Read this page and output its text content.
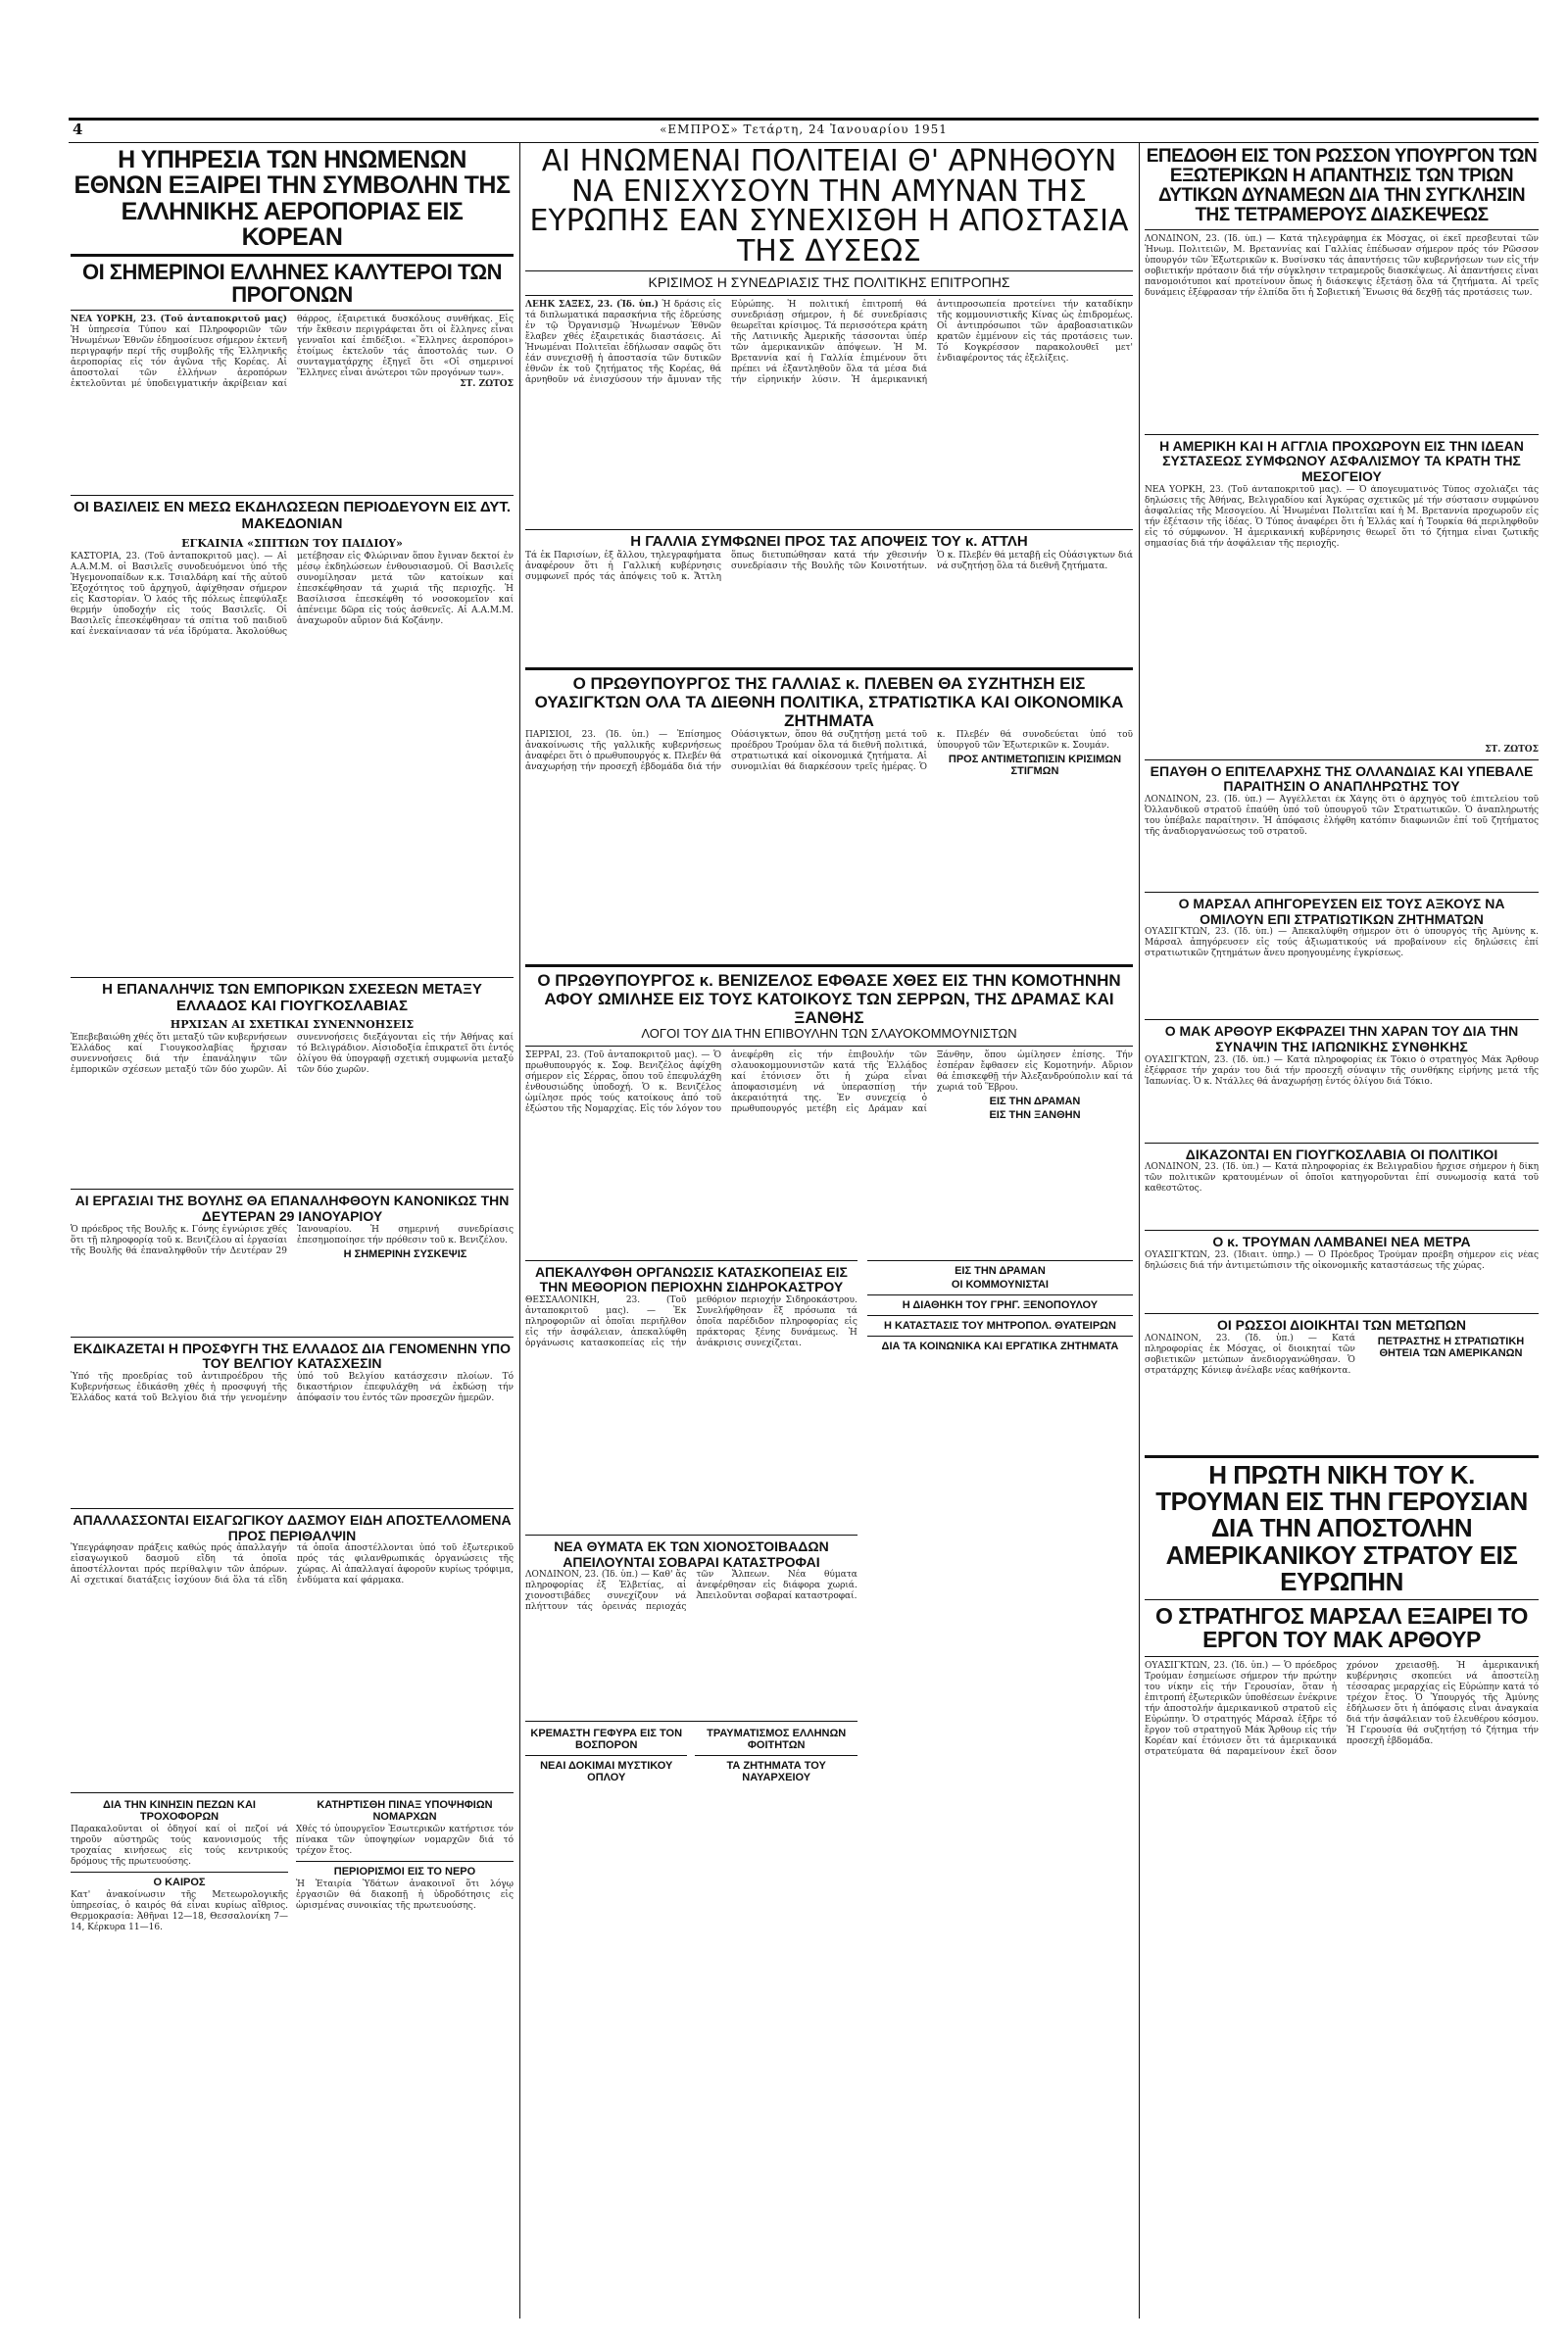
4	«ΕΜΠΡΟΣ» Τετάρτη, 24 Ἰανουαρίου 1951
Η ΥΠΗΡΕΣΙΑ ΤΩΝ ΗΝΩΜΕΝΩΝ ΕΘΝΩΝ ΕΞΑΙΡΕΙ ΤΗΝ ΣΥΜΒΟΛΗΝ ΤΗΣ ΕΛΛΗΝΙΚΗΣ ΑΕΡΟΠΟΡΙΑΣ ΕΙΣ ΚΟΡΕΑΝ
ΟΙ ΣΗΜΕΡΙΝΟΙ ΕΛΛΗΝΕΣ ΚΑΛΥΤΕΡΟΙ ΤΩΝ ΠΡΟΓΟΝΩΝ

ΝΕΑ ΥΟΡΚΗ, 23. (Τοῦ ἀνταποκριτοῦ μας) Ἡ ὑπηρεσία Τύπου καί Πληροφοριῶν τῶν Ἡνωμένων Ἐθνῶν ἐδημοσίευσε σήμερον ἐκτενῆ περιγραφήν περί τῆς συμβολῆς τῆς Ἑλληνικῆς ἀεροπορίας εἰς τόν ἀγῶνα τῆς Κορέας. Αἱ ἀποστολαί τῶν ἑλλήνων ἀεροπόρων ἐκτελοῦνται μέ ὑποδειγματικήν ἀκρίβειαν καί θάρρος, ἐξαιρετικά δυσκόλους συνθήκας. Εἰς τήν ἔκθεσιν περιγράφεται ὅτι οἱ ἕλληνες εἶναι γενναῖοι καί ἐπιδέξιοι. «Ἕλληνες ἀεροπόροι» ἐτοίμως ἐκτελοῦν τάς ἀποστολάς των. Ο συνταγματάρχης ἐξηγεῖ ὅτι «Οἱ σημερινοί Ἕλληνες εἶναι ἀνώτεροι τῶν προγόνων των».

ΣΤ. ΖΩΤΟΣ

ΟΙ ΒΑΣΙΛΕΙΣ ΕΝ ΜΕΣΩ ΕΚΔΗΛΩΣΕΩΝ ΠΕΡΙΟΔΕΥΟΥΝ ΕΙΣ ΔΥΤ. ΜΑΚΕΔΟΝΙΑΝ

ΕΓΚΑΙΝΙΑ «ΣΠΙΤΙΩΝ ΤΟΥ ΠΑΙΔΙΟΥ»

ΚΑΣΤΟΡΙΑ, 23. (Τοῦ ἀνταποκριτοῦ μας). — Αἱ Α.Α.Μ.Μ. οἱ Βασιλεῖς συνοδευόμενοι ὑπό τῆς Ἡγεμονοπαίδων κ.κ. Τσιαλδάρη καί τῆς αὐτοῦ Ἐξοχότητος τοῦ ἀρχηγοῦ, ἀφίχθησαν σήμερον εἰς Καστορίαν. Ὁ λαός τῆς πόλεως ἐπεφύλαξε θερμήν ὑποδοχήν εἰς τούς Βασιλεῖς. Οἱ Βασιλεῖς ἐπεσκέφθησαν τά σπίτια τοῦ παιδιοῦ καί ἐνεκαίνιασαν τά νέα ἱδρύματα. Ἀκολούθως μετέβησαν εἰς Φλώριναν ὅπου ἔγιναν δεκτοί ἐν μέσῳ ἐκδηλώσεων ἐνθουσιασμοῦ. Οἱ Βασιλεῖς συνομίλησαν μετά τῶν κατοίκων καί ἐπεσκέφθησαν τά χωριά τῆς περιοχῆς. Ἡ Βασίλισσα ἐπεσκέφθη τό νοσοκομεῖον καί ἀπένειμε δῶρα εἰς τούς ἀσθενεῖς. Αἱ Α.Α.Μ.Μ. ἀναχωροῦν αὔριον διά Κοζάνην.

Η ΕΠΑΝΑΛΗΨΙΣ ΤΩΝ ΕΜΠΟΡΙΚΩΝ ΣΧΕΣΕΩΝ ΜΕΤΑΞΥ ΕΛΛΑΔΟΣ ΚΑΙ ΓΙΟΥΓΚΟΣΛΑΒΙΑΣ

ΗΡΧΙΣΑΝ ΑΙ ΣΧΕΤΙΚΑΙ ΣΥΝΕΝΝΟΗΣΕΙΣ

Ἐπεβεβαιώθη χθές ὅτι μεταξύ τῶν κυβερνήσεων Ἑλλάδος καί Γιουγκοσλαβίας ἤρχισαν συνεννοήσεις διά τήν ἐπανάληψιν τῶν ἐμπορικῶν σχέσεων μεταξύ τῶν δύο χωρῶν. Αἱ συνεννοήσεις διεξάγονται εἰς τήν Ἀθήνας καί τό Βελιγράδιον. Αἰσιοδοξία ἐπικρατεῖ ὅτι ἐντός ὀλίγου θά ὑπογραφῇ σχετική συμφωνία μεταξύ τῶν δύο χωρῶν.

ΑΙ ΕΡΓΑΣΙΑΙ ΤΗΣ ΒΟΥΛΗΣ ΘΑ ΕΠΑΝΑΛΗΦΘΟΥΝ ΚΑΝΟΝΙΚΩΣ ΤΗΝ ΔΕΥΤΕΡΑΝ 29 ΙΑΝΟΥΑΡΙΟΥ

Ὁ πρόεδρος τῆς Βουλῆς κ. Γόνης ἐγνώρισε χθές ὅτι τῇ πληροφορίᾳ τοῦ κ. Βενιζέλου αἱ ἐργασίαι τῆς Βουλῆς θά ἐπαναληφθοῦν τήν Δευτέραν 29 Ἰανουαρίου. Ἡ σημερινή συνεδρίασις ἐπεσημοποίησε τήν πρόθεσιν τοῦ κ. Βενιζέλου.

Η ΣΗΜΕΡΙΝΗ ΣΥΣΚΕΨΙΣ

ΕΚΔΙΚΑΖΕΤΑΙ Η ΠΡΟΣΦΥΓΗ ΤΗΣ ΕΛΛΑΔΟΣ ΔΙΑ ΓΕΝΟΜΕΝΗΝ ΥΠΟ ΤΟΥ ΒΕΛΓΙΟΥ ΚΑΤΑΣΧΕΣΙΝ

Ὑπό τῆς προεδρίας τοῦ ἀντιπροέδρου τῆς Κυβερνήσεως ἐδικάσθη χθές ἡ προσφυγή τῆς Ἑλλάδος κατά τοῦ Βελγίου διά τήν γενομένην ὑπό τοῦ Βελγίου κατάσχεσιν πλοίων. Τό δικαστήριον ἐπεφυλάχθη νά ἐκδώσῃ τήν ἀπόφασίν του ἐντός τῶν προσεχῶν ἡμερῶν.

ΑΠΑΛΛΑΣΣΟΝΤΑΙ ΕΙΣΑΓΩΓΙΚΟΥ ΔΑΣΜΟΥ ΕΙΔΗ ΑΠΟΣΤΕΛΛΟΜΕΝΑ ΠΡΟΣ ΠΕΡΙΘΑΛΨΙΝ

Ὑπεγράφησαν πράξεις καθώς πρός ἀπαλλαγήν εἰσαγωγικοῦ δασμοῦ εἴδη τά ὁποῖα ἀποστέλλονται πρός περίθαλψιν τῶν ἀπόρων. Αἱ σχετικαί διατάξεις ἰσχύουν διά ὅλα τά εἴδη τά ὁποῖα ἀποστέλλονται ὑπό τοῦ ἐξωτερικοῦ πρός τάς φιλανθρωπικάς ὀργανώσεις τῆς χώρας. Αἱ ἀπαλλαγαί ἀφοροῦν κυρίως τρόφιμα, ἐνδύματα καί φάρμακα.

ΔΙΑ ΤΗΝ ΚΙΝΗΣΙΝ ΠΕΖΩΝ ΚΑΙ ΤΡΟΧΟΦΟΡΩΝ

Παρακαλοῦνται οἱ ὁδηγοί καί οἱ πεζοί νά τηροῦν αὐστηρῶς τούς κανονισμούς τῆς τροχαίας κινήσεως εἰς τούς κεντρικούς δρόμους τῆς πρωτευούσης.

Ο ΚΑΙΡΟΣ

Κατ' ἀνακοίνωσιν τῆς Μετεωρολογικῆς ὑπηρεσίας, ὁ καιρός θά εἶναι κυρίως αἴθριος. Θερμοκρασία: Ἀθῆναι 12—18, Θεσσαλονίκη 7—14, Κέρκυρα 11—16.

ΚΑΤΗΡΤΙΣΘΗ ΠΙΝΑΞ ΥΠΟΨΗΦΙΩΝ ΝΟΜΑΡΧΩΝ

Χθές τό ὑπουργεῖον Ἐσωτερικῶν κατήρτισε τόν πίνακα τῶν ὑποψηφίων νομαρχῶν διά τό τρέχον ἔτος.

ΠΕΡΙΟΡΙΣΜΟΙ ΕΙΣ ΤΟ ΝΕΡΟ

Ἡ Ἑταιρία Ὑδάτων ἀνακοινοῖ ὅτι λόγῳ ἐργασιῶν θά διακοπῇ ἡ ὑδροδότησις εἰς ὡρισμένας συνοικίας τῆς πρωτευούσης.

ΑΙ ΗΝΩΜΕΝΑΙ ΠΟΛΙΤΕΙΑΙ Θ' ΑΡΝΗΘΟΥΝ ΝΑ ΕΝΙΣΧΥΣΟΥΝ ΤΗΝ ΑΜΥΝΑΝ ΤΗΣ ΕΥΡΩΠΗΣ ΕΑΝ ΣΥΝΕΧΙΣΘΗ Η ΑΠΟΣΤΑΣΙΑ ΤΗΣ ΔΥΣΕΩΣ

ΚΡΙΣΙΜΟΣ Η ΣΥΝΕΔΡΙΑΣΙΣ ΤΗΣ ΠΟΛΙΤΙΚΗΣ ΕΠΙΤΡΟΠΗΣ

ΛΕΗΚ ΣΑΞΕΣ, 23. (Ἰδ. ὑπ.) Ἡ δράσις εἰς τά διπλωματικά παρασκήνια τῆς ἑδρεύσης ἐν τῷ Ὀργανισμῷ Ἡνωμένων Ἐθνῶν ἔλαβεν χθές ἐξαιρετικάς διαστάσεις. Αἱ Ἡνωμέναι Πολιτεῖαι ἐδήλωσαν σαφῶς ὅτι ἐάν συνεχισθῇ ἡ ἀποστασία τῶν δυτικῶν ἐθνῶν ἐκ τοῦ ζητήματος τῆς Κορέας, θά ἀρνηθοῦν νά ἐνισχύσουν τήν ἄμυναν τῆς Εὐρώπης. Ἡ πολιτική ἐπιτροπή θά συνεδριάσῃ σήμερον, ἡ δέ συνεδρίασις θεωρεῖται κρίσιμος. Τά περισσότερα κράτη τῆς Λατινικῆς Ἀμερικῆς τάσσονται ὑπέρ τῶν ἀμερικανικῶν ἀπόψεων. Ἡ Μ. Βρεταννία καί ἡ Γαλλία ἐπιμένουν ὅτι πρέπει νά ἐξαντληθοῦν ὅλα τά μέσα διά τήν εἰρηνικήν λύσιν. Ἡ ἀμερικανική ἀντιπροσωπεία προτείνει τήν καταδίκην τῆς κομμουνιστικῆς Κίνας ὡς ἐπιδρομέως. Οἱ ἀντιπρόσωποι τῶν ἀραβοασιατικῶν κρατῶν ἐμμένουν εἰς τάς προτάσεις των. Τό Κογκρέσσον παρακολουθεῖ μετ' ἐνδιαφέροντος τάς ἐξελίξεις.

Η ΓΑΛΛΙΑ ΣΥΜΦΩΝΕΙ ΠΡΟΣ ΤΑΣ ΑΠΟΨΕΙΣ ΤΟΥ κ. ΑΤΤΛΗ

Τά ἐκ Παρισίων, ἐξ ἄλλου, τηλεγραφήματα ἀναφέρουν ὅτι ἡ Γαλλική κυβέρνησις συμφωνεῖ πρός τάς ἀπόψεις τοῦ κ. Ἄττλη ὅπως διετυπώθησαν κατά τήν χθεσινήν συνεδρίασιν τῆς Βουλῆς τῶν Κοινοτήτων. Ὁ κ. Πλεβέν θά μεταβῇ εἰς Οὐάσιγκτων διά νά συζητήσῃ ὅλα τά διεθνῆ ζητήματα.

Ο ΠΡΩΘΥΠΟΥΡΓΟΣ ΤΗΣ ΓΑΛΛΙΑΣ κ. ΠΛΕΒΕΝ ΘΑ ΣΥΖΗΤΗΣΗ ΕΙΣ ΟΥΑΣΙΓΚΤΩΝ ΟΛΑ ΤΑ ΔΙΕΘΝΗ ΠΟΛΙΤΙΚΑ, ΣΤΡΑΤΙΩΤΙΚΑ ΚΑΙ ΟΙΚΟΝΟΜΙΚΑ ΖΗΤΗΜΑΤΑ

ΠΑΡΙΣΙΟΙ, 23. (Ἰδ. ὑπ.) — Ἐπίσημος ἀνακοίνωσις τῆς γαλλικῆς κυβερνήσεως ἀναφέρει ὅτι ὁ πρωθυπουργός κ. Πλεβέν θά ἀναχωρήσῃ τήν προσεχῆ ἑβδομάδα διά τήν Οὐάσιγκτων, ὅπου θά συζητήσῃ μετά τοῦ προέδρου Τρούμαν ὅλα τά διεθνῆ πολιτικά, στρατιωτικά καί οἰκονομικά ζητήματα. Αἱ συνομιλίαι θά διαρκέσουν τρεῖς ἡμέρας. Ὁ κ. Πλεβέν θά συνοδεύεται ὑπό τοῦ ὑπουργοῦ τῶν Ἐξωτερικῶν κ. Σουμάν.

ΠΡΟΣ ΑΝΤΙΜΕΤΩΠΙΣΙΝ ΚΡΙΣΙΜΩΝ ΣΤΙΓΜΩΝ

Ο ΠΡΩΘΥΠΟΥΡΓΟΣ κ. ΒΕΝΙΖΕΛΟΣ ΕΦΘΑΣΕ ΧΘΕΣ ΕΙΣ ΤΗΝ ΚΟΜΟΤΗΝΗΝ ΑΦΟΥ ΩΜΙΛΗΣΕ ΕΙΣ ΤΟΥΣ ΚΑΤΟΙΚΟΥΣ ΤΩΝ ΣΕΡΡΩΝ, ΤΗΣ ΔΡΑΜΑΣ ΚΑΙ ΞΑΝΘΗΣ

ΛΟΓΟΙ ΤΟΥ ΔΙΑ ΤΗΝ ΕΠΙΒΟΥΛΗΝ ΤΩΝ ΣΛΑΥΟΚΟΜΜΟΥΝΙΣΤΩΝ

ΣΕΡΡΑΙ, 23. (Τοῦ ἀνταποκριτοῦ μας). — Ὁ πρωθυπουργός κ. Σοφ. Βενιζέλος ἀφίχθη σήμερον εἰς Σέρρας, ὅπου τοῦ ἐπεφυλάχθη ἐνθουσιώδης ὑποδοχή. Ὁ κ. Βενιζέλος ὡμίλησε πρός τούς κατοίκους ἀπό τοῦ ἐξώστου τῆς Νομαρχίας. Εἰς τόν λόγον του ἀνεφέρθη εἰς τήν ἐπιβουλήν τῶν σλαυοκομμουνιστῶν κατά τῆς Ἑλλάδος καί ἐτόνισεν ὅτι ἡ χώρα εἶναι ἀποφασισμένη νά ὑπερασπίσῃ τήν ἀκεραιότητά της. Ἐν συνεχείᾳ ὁ πρωθυπουργός μετέβη εἰς Δράμαν καί Ξάνθην, ὅπου ὡμίλησεν ἐπίσης. Τήν ἑσπέραν ἔφθασεν εἰς Κομοτηνήν. Αὔριον θά ἐπισκεφθῇ τήν Ἀλεξανδρούπολιν καί τά χωριά τοῦ Ἕβρου.

ΕΙΣ ΤΗΝ ΔΡΑΜΑΝ

ΕΙΣ ΤΗΝ ΞΑΝΘΗΝ

ΑΠΕΚΑΛΥΦΘΗ ΟΡΓΑΝΩΣΙΣ ΚΑΤΑΣΚΟΠΕΙΑΣ ΕΙΣ ΤΗΝ ΜΕΘΟΡΙΟΝ ΠΕΡΙΟΧΗΝ ΣΙΔΗΡΟΚΑΣΤΡΟΥ

ΘΕΣΣΑΛΟΝΙΚΗ, 23. (Τοῦ ἀνταποκριτοῦ μας). — Ἐκ πληροφοριῶν αἱ ὁποῖαι περιῆλθον εἰς τήν ἀσφάλειαν, ἀπεκαλύφθη ὀργάνωσις κατασκοπείας εἰς τήν μεθόριον περιοχήν Σιδηροκάστρου. Συνελήφθησαν ἕξ πρόσωπα τά ὁποῖα παρέδιδον πληροφορίας εἰς πράκτορας ξένης δυνάμεως. Ἡ ἀνάκρισις συνεχίζεται.

ΝΕΑ ΘΥΜΑΤΑ ΕΚ ΤΩΝ ΧΙΟΝΟΣΤΟΙΒΑΔΩΝ ΑΠΕΙΛΟΥΝΤΑΙ ΣΟΒΑΡΑΙ ΚΑΤΑΣΤΡΟΦΑΙ

ΛΟΝΔΙΝΟΝ, 23. (Ἰδ. ὑπ.) — Καθ' ἅς πληροφορίας ἐξ Ἑλβετίας, αἱ χιονοστιβάδες συνεχίζουν νά πλήττουν τάς ὀρεινάς περιοχάς τῶν Ἄλπεων. Νέα θύματα ἀνεφέρθησαν εἰς διάφορα χωριά. Ἀπειλοῦνται σοβαραί καταστροφαί.

ΚΡΕΜΑΣΤΗ ΓΕΦΥΡΑ ΕΙΣ ΤΟΝ ΒΟΣΠΟΡΟΝ

ΝΕΑΙ ΔΟΚΙΜΑΙ ΜΥΣΤΙΚΟΥ ΟΠΛΟΥ

ΤΡΑΥΜΑΤΙΣΜΟΣ ΕΛΛΗΝΩΝ ΦΟΙΤΗΤΩΝ

ΤΑ ΖΗΤΗΜΑΤΑ ΤΟΥ ΝΑΥΑΡΧΕΙΟΥ

ΕΙΣ ΤΗΝ ΔΡΑΜΑΝ

ΟΙ ΚΟΜΜΟΥΝΙΣΤΑΙ

Η ΔΙΑΘΗΚΗ ΤΟΥ ΓΡΗΓ. ΞΕΝΟΠΟΥΛΟΥ

Η ΚΑΤΑΣΤΑΣΙΣ ΤΟΥ ΜΗΤΡΟΠΟΛ. ΘΥΑΤΕΙΡΩΝ

ΔΙΑ ΤΑ ΚΟΙΝΩΝΙΚΑ ΚΑΙ ΕΡΓΑΤΙΚΑ ΖΗΤΗΜΑΤΑ

ΕΠΕΔΟΘΗ ΕΙΣ ΤΟΝ ΡΩΣΣΟΝ ΥΠΟΥΡΓΟΝ ΤΩΝ ΕΞΩΤΕΡΙΚΩΝ Η ΑΠΑΝΤΗΣΙΣ ΤΩΝ ΤΡΙΩΝ ΔΥΤΙΚΩΝ ΔΥΝΑΜΕΩΝ ΔΙΑ ΤΗΝ ΣΥΓΚΛΗΣΙΝ ΤΗΣ ΤΕΤΡΑΜΕΡΟΥΣ ΔΙΑΣΚΕΨΕΩΣ

ΛΟΝΔΙΝΟΝ, 23. (Ἰδ. ὑπ.) — Κατά τηλεγράφημα ἐκ Μόσχας, οἱ ἐκεῖ πρεσβευταί τῶν Ἡνωμ. Πολιτειῶν, Μ. Βρεταννίας καί Γαλλίας ἐπέδωσαν σήμερον πρός τόν Ρῶσσον ὑπουργόν τῶν Ἐξωτερικῶν κ. Βυσίνσκυ τάς ἀπαντήσεις τῶν κυβερνήσεων των εἰς τήν σοβιετικήν πρότασιν διά τήν σύγκλησιν τετραμεροῦς διασκέψεως. Αἱ ἀπαντήσεις εἶναι πανομοιότυποι καί προτείνουν ὅπως ἡ διάσκεψις ἐξετάσῃ ὅλα τά ζητήματα. Αἱ τρεῖς δυνάμεις ἐξέφρασαν τήν ἐλπίδα ὅτι ἡ Σοβιετική Ἕνωσις θά δεχθῇ τάς προτάσεις των.

Η ΑΜΕΡΙΚΗ ΚΑΙ Η ΑΓΓΛΙΑ ΠΡΟΧΩΡΟΥΝ ΕΙΣ ΤΗΝ ΙΔΕΑΝ ΣΥΣΤΑΣΕΩΣ ΣΥΜΦΩΝΟΥ ΑΣΦΑΛΙΣΜΟΥ ΤΑ ΚΡΑΤΗ ΤΗΣ ΜΕΣΟΓΕΙΟΥ

ΝΕΑ ΥΟΡΚΗ, 23. (Τοῦ ἀνταποκριτοῦ μας). — Ὁ ἀπογευματινός Τύπος σχολιάζει τάς δηλώσεις τῆς Ἀθήνας, Βελιγραδίου καί Ἀγκύρας σχετικῶς μέ τήν σύστασιν συμφώνου ἀσφαλείας τῆς Μεσογείου. Αἱ Ἡνωμέναι Πολιτεῖαι καί ἡ Μ. Βρεταννία προχωροῦν εἰς τήν ἐξέτασιν τῆς ἰδέας. Ὁ Τύπος ἀναφέρει ὅτι ἡ Ἑλλάς καί ἡ Τουρκία θά περιληφθοῦν εἰς τό σύμφωνον. Ἡ ἀμερικανική κυβέρνησις θεωρεῖ ὅτι τό ζήτημα εἶναι ζωτικῆς σημασίας διά τήν ἀσφάλειαν τῆς περιοχῆς.

ΣΤ. ΖΩΤΟΣ

ΕΠΑΥΘΗ Ο ΕΠΙΤΕΛΑΡΧΗΣ ΤΗΣ ΟΛΛΑΝΔΙΑΣ ΚΑΙ ΥΠΕΒΑΛΕ ΠΑΡΑΙΤΗΣΙΝ Ο ΑΝΑΠΛΗΡΩΤΗΣ ΤΟΥ

ΛΟΝΔΙΝΟΝ, 23. (Ἰδ. ὑπ.) — Ἀγγέλλεται ἐκ Χάγης ὅτι ὁ ἀρχηγός τοῦ ἐπιτελείου τοῦ Ὀλλανδικοῦ στρατοῦ ἐπαύθη ὑπό τοῦ ὑπουργοῦ τῶν Στρατιωτικῶν. Ὁ ἀναπληρωτής του ὑπέβαλε παραίτησιν. Ἡ ἀπόφασις ἐλήφθη κατόπιν διαφωνιῶν ἐπί τοῦ ζητήματος τῆς ἀναδιοργανώσεως τοῦ στρατοῦ.

Ο ΜΑΡΣΑΛ ΑΠΗΓΟΡΕΥΣΕΝ ΕΙΣ ΤΟΥΣ ΑΞΚΟΥΣ ΝΑ ΟΜΙΛΟΥΝ ΕΠΙ ΣΤΡΑΤΙΩΤΙΚΩΝ ΖΗΤΗΜΑΤΩΝ

ΟΥΑΣΙΓΚΤΩΝ, 23. (Ἰδ. ὑπ.) — Ἀπεκαλύφθη σήμερον ὅτι ὁ ὑπουργός τῆς Ἀμύνης κ. Μάρσαλ ἀπηγόρευσεν εἰς τούς ἀξιωματικούς νά προβαίνουν εἰς δηλώσεις ἐπί στρατιωτικῶν ζητημάτων ἄνευ προηγουμένης ἐγκρίσεως.

Ο ΜΑΚ ΑΡΘΟΥΡ ΕΚΦΡΑΖΕΙ ΤΗΝ ΧΑΡΑΝ ΤΟΥ ΔΙΑ ΤΗΝ ΣΥΝΑΨΙΝ ΤΗΣ ΙΑΠΩΝΙΚΗΣ ΣΥΝΘΗΚΗΣ

ΟΥΑΣΙΓΚΤΩΝ, 23. (Ἰδ. ὑπ.) — Κατά πληροφορίας ἐκ Τόκιο ὁ στρατηγός Μάκ Ἄρθουρ ἐξέφρασε τήν χαράν του διά τήν προσεχῆ σύναψιν τῆς συνθήκης εἰρήνης μετά τῆς Ἰαπωνίας. Ὁ κ. Ντάλλες θά ἀναχωρήσῃ ἐντός ὀλίγου διά Τόκιο.

ΔΙΚΑΖΟΝΤΑΙ ΕΝ ΓΙΟΥΓΚΟΣΛΑΒΙΑ ΟΙ ΠΟΛΙΤΙΚΟΙ

ΛΟΝΔΙΝΟΝ, 23. (Ἰδ. ὑπ.) — Κατά πληροφορίας ἐκ Βελιγραδίου ἤρχισε σήμερον ἡ δίκη τῶν πολιτικῶν κρατουμένων οἱ ὁποῖοι κατηγοροῦνται ἐπί συνωμοσίᾳ κατά τοῦ καθεστῶτος.

Ο κ. ΤΡΟΥΜΑΝ ΛΑΜΒΑΝΕΙ ΝΕΑ ΜΕΤΡΑ

ΟΥΑΣΙΓΚΤΩΝ, 23. (Ἰδιαιτ. ὑπηρ.) — Ὁ Πρόεδρος Τρούμαν προέβη σήμερον εἰς νέας δηλώσεις διά τήν ἀντιμετώπισιν τῆς οἰκονομικῆς καταστάσεως τῆς χώρας.

ΟΙ ΡΩΣΣΟΙ ΔΙΟΙΚΗΤΑΙ ΤΩΝ ΜΕΤΩΠΩΝ

ΛΟΝΔΙΝΟΝ, 23. (Ἰδ. ὑπ.) — Κατά πληροφορίας ἐκ Μόσχας, οἱ διοικηταί τῶν σοβιετικῶν μετώπων ἀνεδιοργανώθησαν. Ὁ στρατάρχης Κόνιεφ ἀνέλαβε νέας καθήκοντα.

ΠΕΤΡΑΣΤΗΣ Η ΣΤΡΑΤΙΩΤΙΚΗ ΘΗΤΕΙΑ ΤΩΝ ΑΜΕΡΙΚΑΝΩΝ

Η ΠΡΩΤΗ ΝΙΚΗ ΤΟΥ Κ. ΤΡΟΥΜΑΝ ΕΙΣ ΤΗΝ ΓΕΡΟΥΣΙΑΝ ΔΙΑ ΤΗΝ ΑΠΟΣΤΟΛΗΝ ΑΜΕΡΙΚΑΝΙΚΟΥ ΣΤΡΑΤΟΥ ΕΙΣ ΕΥΡΩΠΗΝ
Ο ΣΤΡΑΤΗΓΟΣ ΜΑΡΣΑΛ ΕΞΑΙΡΕΙ ΤΟ ΕΡΓΟΝ ΤΟΥ ΜΑΚ ΑΡΘΟΥΡ

ΟΥΑΣΙΓΚΤΩΝ, 23. (Ἰδ. ὑπ.) — Ὁ πρόεδρος Τρούμαν ἐσημείωσε σήμερον τήν πρώτην του νίκην εἰς τήν Γερουσίαν, ὅταν ἡ ἐπιτροπή ἐξωτερικῶν ὑποθέσεων ἐνέκρινε τήν ἀποστολήν ἀμερικανικοῦ στρατοῦ εἰς Εὐρώπην. Ὁ στρατηγός Μάρσαλ ἐξῆρε τό ἔργον τοῦ στρατηγοῦ Μάκ Ἄρθουρ εἰς τήν Κορέαν καί ἐτόνισεν ὅτι τά ἀμερικανικά στρατεύματα θά παραμείνουν ἐκεῖ ὅσον χρόνον χρειασθῇ. Ἡ ἀμερικανική κυβέρνησις σκοπεύει νά ἀποστείλῃ τέσσαρας μεραρχίας εἰς Εὐρώπην κατά τό τρέχον ἔτος. Ὁ Ὑπουργός τῆς Ἀμύνης ἐδήλωσεν ὅτι ἡ ἀπόφασις εἶναι ἀναγκαία διά τήν ἀσφάλειαν τοῦ ἐλευθέρου κόσμου. Ἡ Γερουσία θά συζητήσῃ τό ζήτημα τήν προσεχῆ ἑβδομάδα.
